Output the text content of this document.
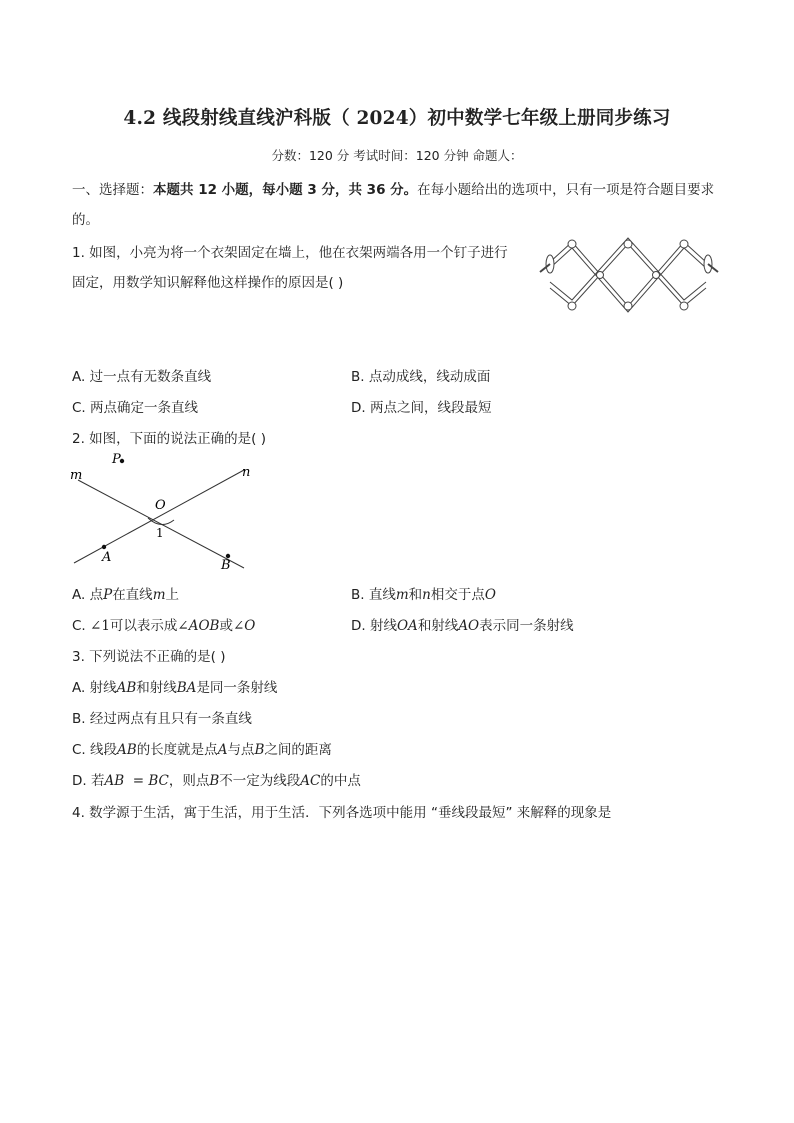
4.2 线段射线直线沪科版（ 2024）初中数学七年级上册同步练习
分数：120 分 考试时间：120 分钟 命题人：
一、选择题：本题共 12 小题，每小题 3 分，共 36 分。在每小题给出的选项中，只有一项是符合题目要求
的。
1. 如图，小亮为将一个衣架固定在墙上，他在衣架两端各用一个钉子进行
固定，用数学知识解释他这样操作的原因是( )
A. 过一点有无数条直线	B. 点动成线，线动成面
C. 两点确定一条直线	D. 两点之间，线段最短
2. 如图，下面的说法正确的是( )
P
m	n
O
1
A
B
A. 点P在直线m上	B. 直线m和n相交于点O
C. ∠1可以表示成∠AOB或∠O	D. 射线OA和射线AO表示同一条射线
3. 下列说法不正确的是( )
A. 射线AB和射线BA是同一条射线
B. 经过两点有且只有一条直线
C. 线段AB的长度就是点A与点B之间的距离
D. 若AB  = BC，则点B不一定为线段AC的中点
4. 数学源于生活，寓于生活，用于生活．下列各选项中能用 “垂线段最短” 来解释的现象是
